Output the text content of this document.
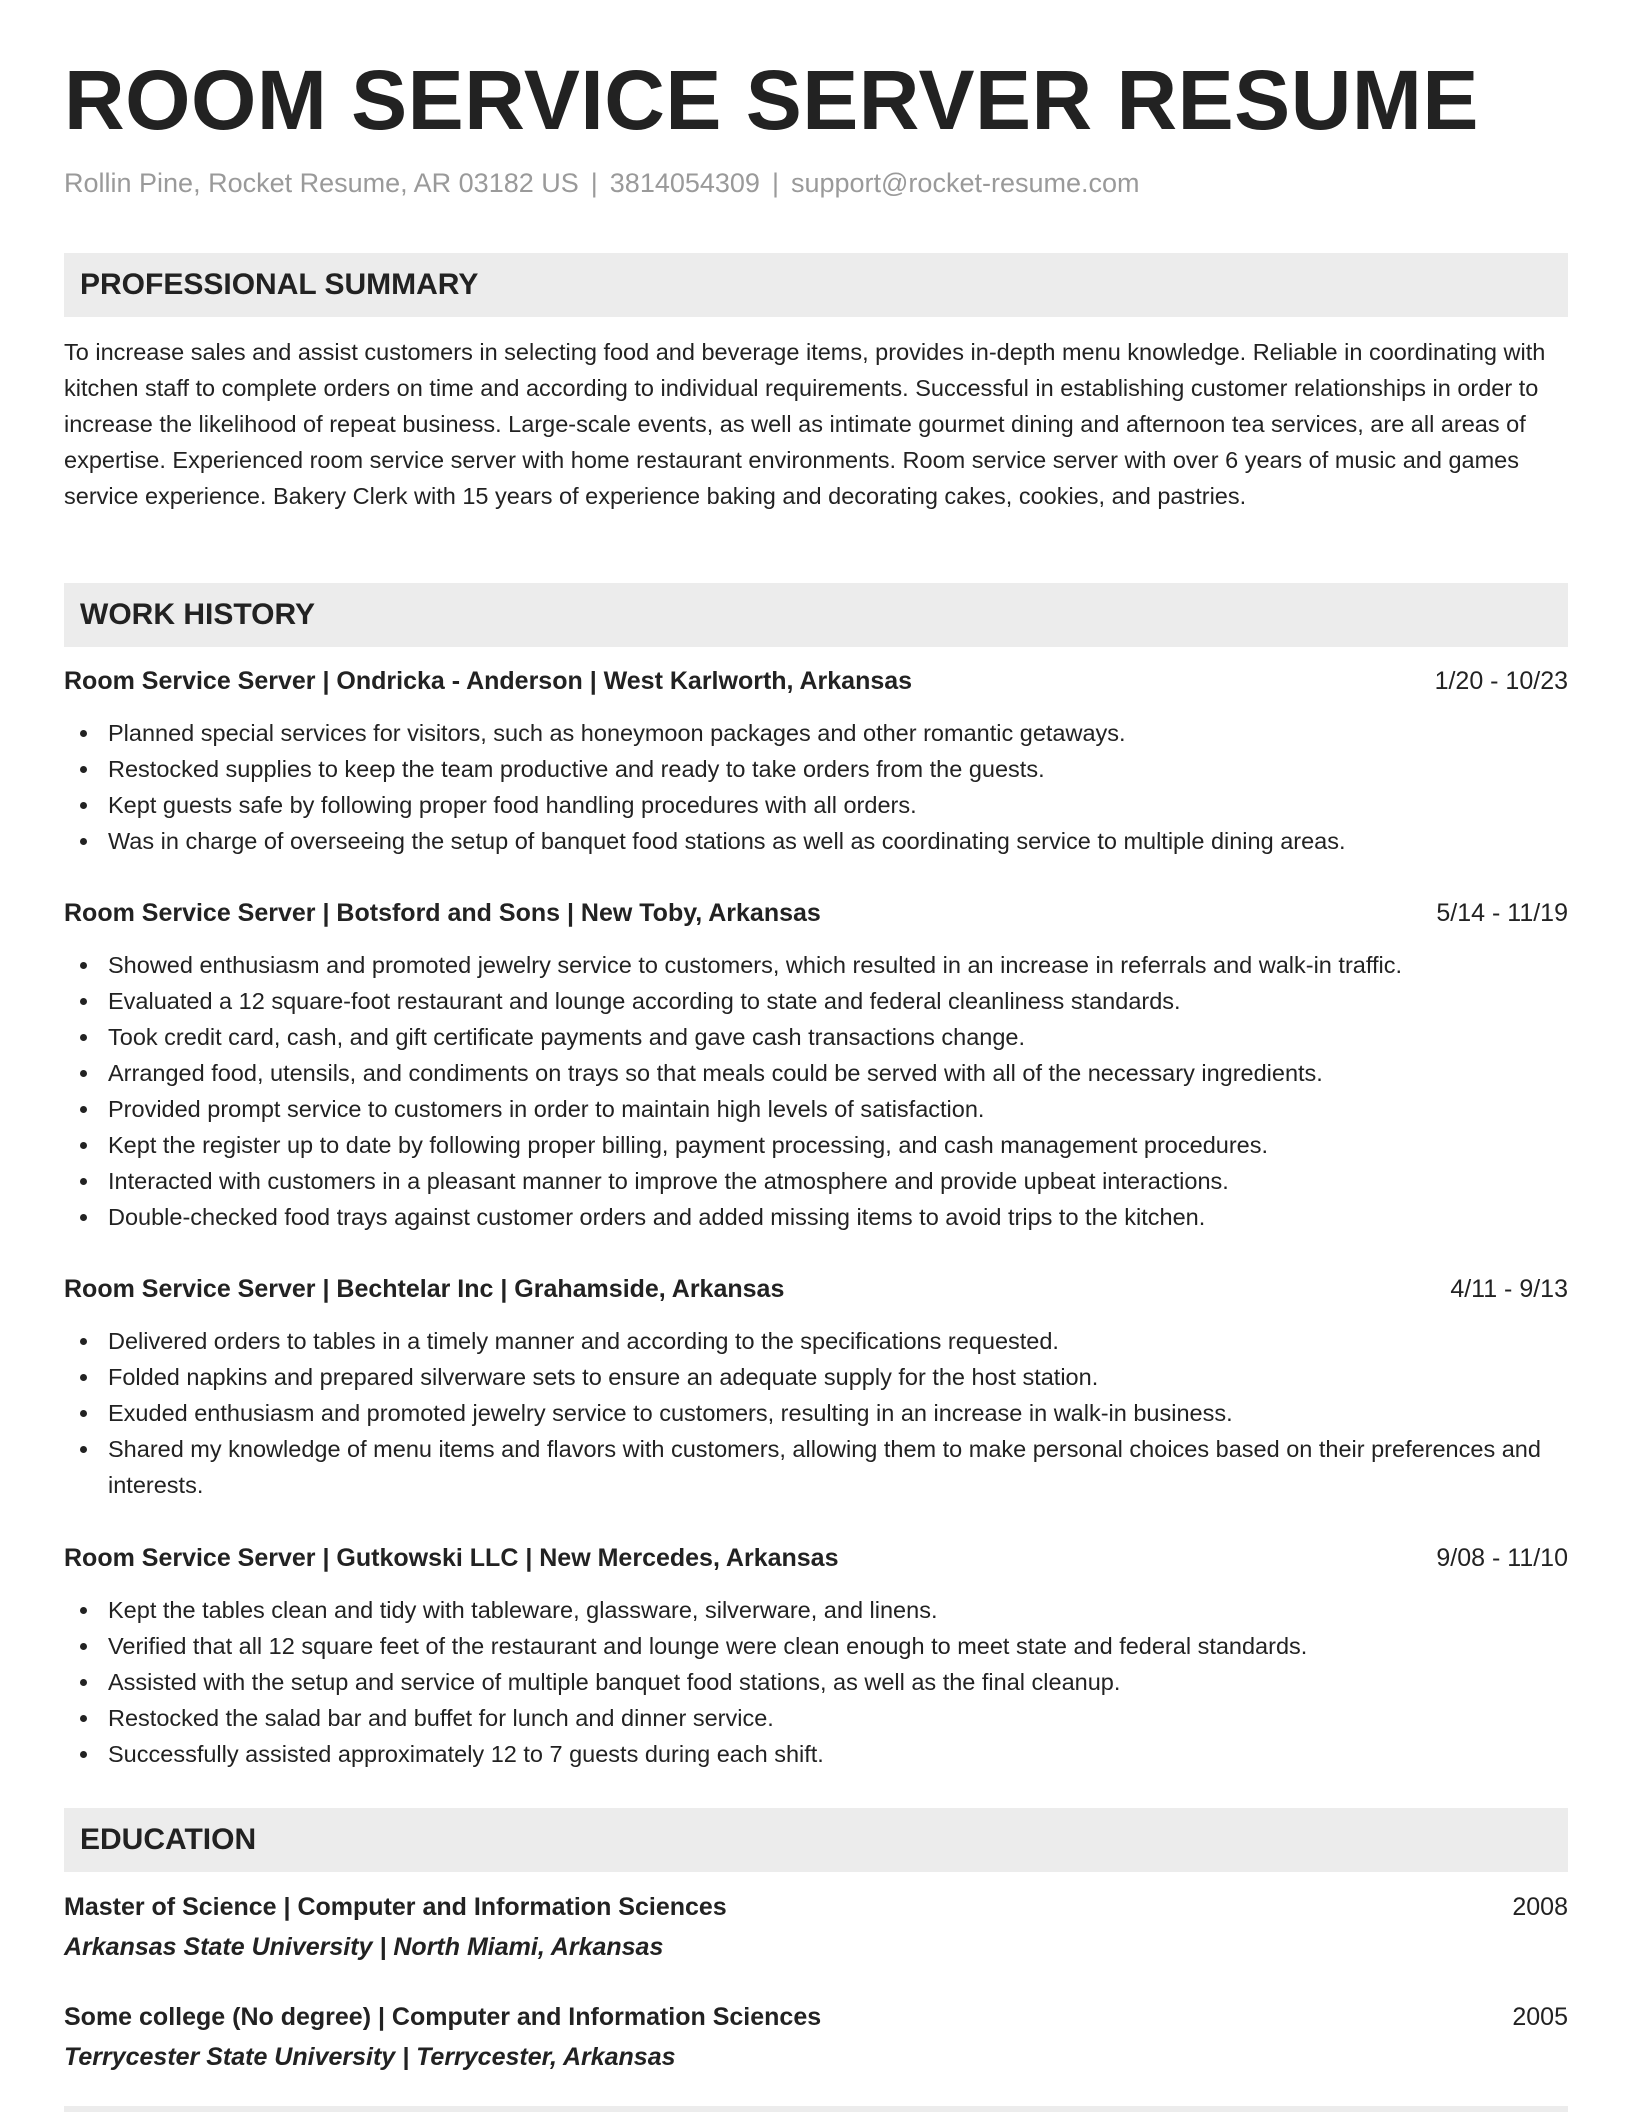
ROOM SERVICE SERVER RESUME
Rollin Pine, Rocket Resume, AR 03182 US | 3814054309 | support@rocket-resume.com
PROFESSIONAL SUMMARY

To increase sales and assist customers in selecting food and beverage items, provides in-depth menu knowledge. Reliable in coordinating with kitchen staff to complete orders on time and according to individual requirements. Successful in establishing customer relationships in order to increase the likelihood of repeat business. Large-scale events, as well as intimate gourmet dining and afternoon tea services, are all areas of expertise. Experienced room service server with home restaurant environments. Room service server with over 6 years of music and games service experience. Bakery Clerk with 15 years of experience baking and decorating cakes, cookies, and pastries.

WORK HISTORY
Room Service Server | Ondricka - Anderson | West Karlworth, Arkansas	1/20 - 10/23
Planned special services for visitors, such as honeymoon packages and other romantic getaways.
Restocked supplies to keep the team productive and ready to take orders from the guests.
Kept guests safe by following proper food handling procedures with all orders.
Was in charge of overseeing the setup of banquet food stations as well as coordinating service to multiple dining areas.
Room Service Server | Botsford and Sons | New Toby, Arkansas	5/14 - 11/19
Showed enthusiasm and promoted jewelry service to customers, which resulted in an increase in referrals and walk-in traffic.
Evaluated a 12 square-foot restaurant and lounge according to state and federal cleanliness standards.
Took credit card, cash, and gift certificate payments and gave cash transactions change.
Arranged food, utensils, and condiments on trays so that meals could be served with all of the necessary ingredients.
Provided prompt service to customers in order to maintain high levels of satisfaction.
Kept the register up to date by following proper billing, payment processing, and cash management procedures.
Interacted with customers in a pleasant manner to improve the atmosphere and provide upbeat interactions.
Double-checked food trays against customer orders and added missing items to avoid trips to the kitchen.
Room Service Server | Bechtelar Inc | Grahamside, Arkansas	4/11 - 9/13
Delivered orders to tables in a timely manner and according to the specifications requested.
Folded napkins and prepared silverware sets to ensure an adequate supply for the host station.
Exuded enthusiasm and promoted jewelry service to customers, resulting in an increase in walk-in business.
Shared my knowledge of menu items and flavors with customers, allowing them to make personal choices based on their preferences and interests.
Room Service Server | Gutkowski LLC | New Mercedes, Arkansas	9/08 - 11/10
Kept the tables clean and tidy with tableware, glassware, silverware, and linens.
Verified that all 12 square feet of the restaurant and lounge were clean enough to meet state and federal standards.
Assisted with the setup and service of multiple banquet food stations, as well as the final cleanup.
Restocked the salad bar and buffet for lunch and dinner service.
Successfully assisted approximately 12 to 7 guests during each shift.
EDUCATION
Master of Science | Computer and Information Sciences	2008
Arkansas State University | North Miami, Arkansas
Some college (No degree) | Computer and Information Sciences	2005
Terrycester State University | Terrycester, Arkansas
